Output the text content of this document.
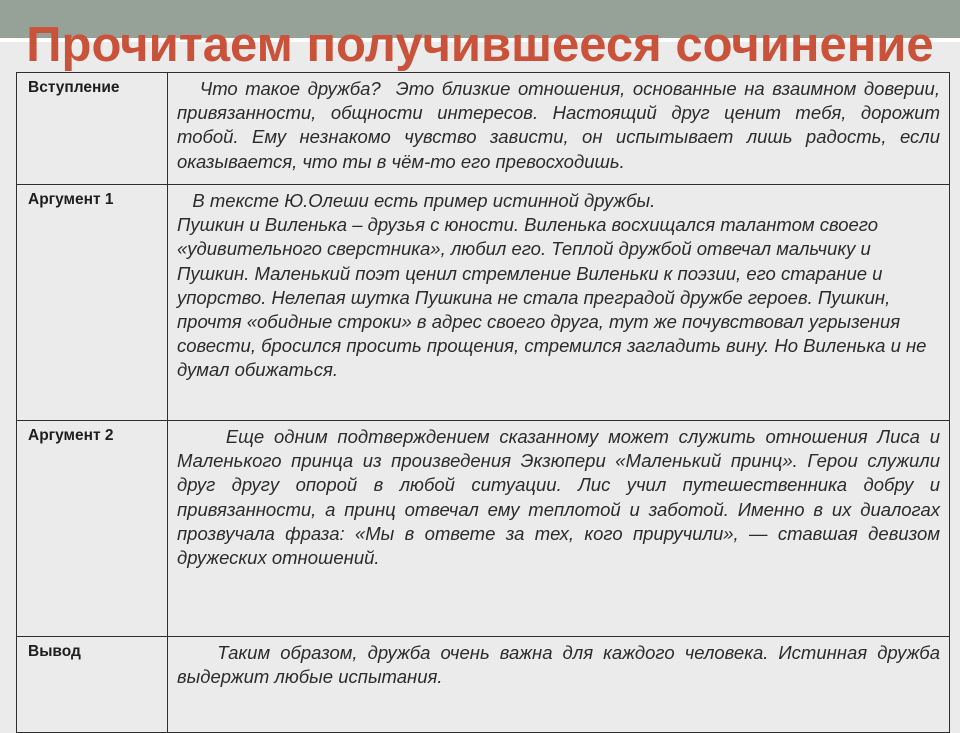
Прочитаем получившееся сочинение
Вступление	Что такое дружба?  Это близкие отношения, основанные на взаимном доверии, привязанности, общности интересов. Настоящий друг ценит тебя, дорожит тобой. Ему незнакомо чувство зависти, он испытывает лишь радость, если оказывается, что ты в чём-то его превосходишь.

Аргумент 1	В тексте Ю.Олеши есть пример истинной дружбы.
Пушкин и Виленька – друзья с юности. Виленька восхищался талантом своего «удивительного сверстника», любил его. Теплой дружбой отвечал мальчику и Пушкин. Маленький поэт ценил стремление Виленьки к поэзии, его старание и упорство. Нелепая шутка Пушкина не стала преградой дружбе героев. Пушкин, прочтя «обидные строки» в адрес своего друга, тут же почувствовал угрызения совести, бросился просить прощения, стремился загладить вину. Но Виленька и не думал обижаться.

Аргумент 2	Еще одним подтверждением сказанному может служить отношения Лиса и Маленького принца из произведения Экзюпери «Маленький принц». Герои служили друг другу опорой в любой ситуации. Лис учил путешественника добру и привязанности, а принц отвечал ему теплотой и заботой. Именно в их диалогах прозвучала фраза: «Мы в ответе за тех, кого приручили», — ставшая девизом дружеских отношений.

Вывод	Таким образом, дружба очень важна для каждого человека. Истинная дружба выдержит любые испытания.
